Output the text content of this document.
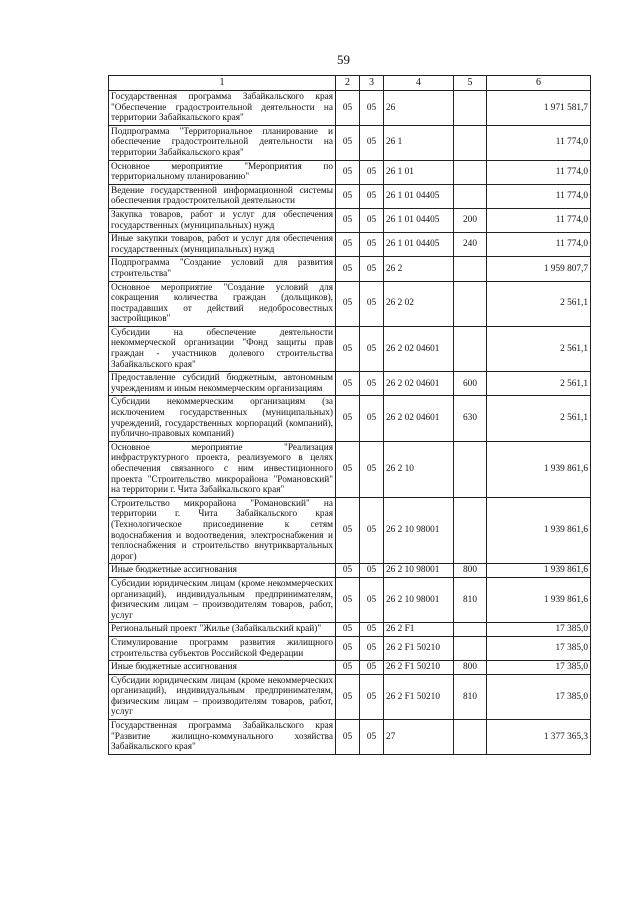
59
1	2	3	4	5	6
Государственная программа Забайкальского края "Обеспечение градостроительной деятельности на территории Забайкальского края"	05	05	26		1 971 581,7
Подпрограмма "Территориальное планирование и обеспечение градостроительной деятельности на территории Забайкальского края"	05	05	26 1		11 774,0
Основное мероприятие "Мероприятия по территориальному планированию"	05	05	26 1 01		11 774,0
Ведение государственной информационной системы обеспечения градостроительной деятельности	05	05	26 1 01 04405		11 774,0
Закупка товаров, работ и услуг для обеспечения государственных (муниципальных) нужд	05	05	26 1 01 04405	200	11 774,0
Иные закупки товаров, работ и услуг для обеспечения государственных (муниципальных) нужд	05	05	26 1 01 04405	240	11 774,0
Подпрограмма "Создание условий для развития строительства"	05	05	26 2		1 959 807,7
Основное мероприятие "Создание условий для сокращения количества граждан (дольщиков), пострадавших от действий недобросовестных застройщиков"	05	05	26 2 02		2 561,1
Субсидии на обеспечение деятельности некоммерческой организации "Фонд защиты прав граждан - участников долевого строительства Забайкальского края"	05	05	26 2 02 04601		2 561,1
Предоставление субсидий бюджетным, автономным учреждениям и иным некоммерческим организациям	05	05	26 2 02 04601	600	2 561,1
Субсидии некоммерческим организациям (за исключением государственных (муниципальных) учреждений, государственных корпораций (компаний), публично-правовых компаний)	05	05	26 2 02 04601	630	2 561,1
Основное мероприятие "Реализация инфраструктурного проекта, реализуемого в целях обеспечения связанного с ним инвестиционного проекта "Строительство микрорайона "Романовский" на территории г. Чита Забайкальского края"	05	05	26 2 10		1 939 861,6
Строительство микрорайона "Романовский" на территории г. Чита Забайкальского края (Технологическое присоединение к сетям водоснабжения и водоотведения, электроснабжения и теплоснабжения и строительство внутриквартальных дорог)	05	05	26 2 10 98001		1 939 861,6
Иные бюджетные ассигнования	05	05	26 2 10 98001	800	1 939 861,6
Субсидии юридическим лицам (кроме некоммерческих организаций), индивидуальным предпринимателям, физическим лицам – производителям товаров, работ, услуг	05	05	26 2 10 98001	810	1 939 861,6
Региональный проект "Жилье (Забайкальский край)"	05	05	26 2 F1		17 385,0
Стимулирование программ развития жилищного строительства субъектов Российской Федерации	05	05	26 2 F1 50210		17 385,0
Иные бюджетные ассигнования	05	05	26 2 F1 50210	800	17 385,0
Субсидии юридическим лицам (кроме некоммерческих организаций), индивидуальным предпринимателям, физическим лицам – производителям товаров, работ, услуг	05	05	26 2 F1 50210	810	17 385,0
Государственная программа Забайкальского края "Развитие жилищно-коммунального хозяйства Забайкальского края"	05	05	27		1 377 365,3
